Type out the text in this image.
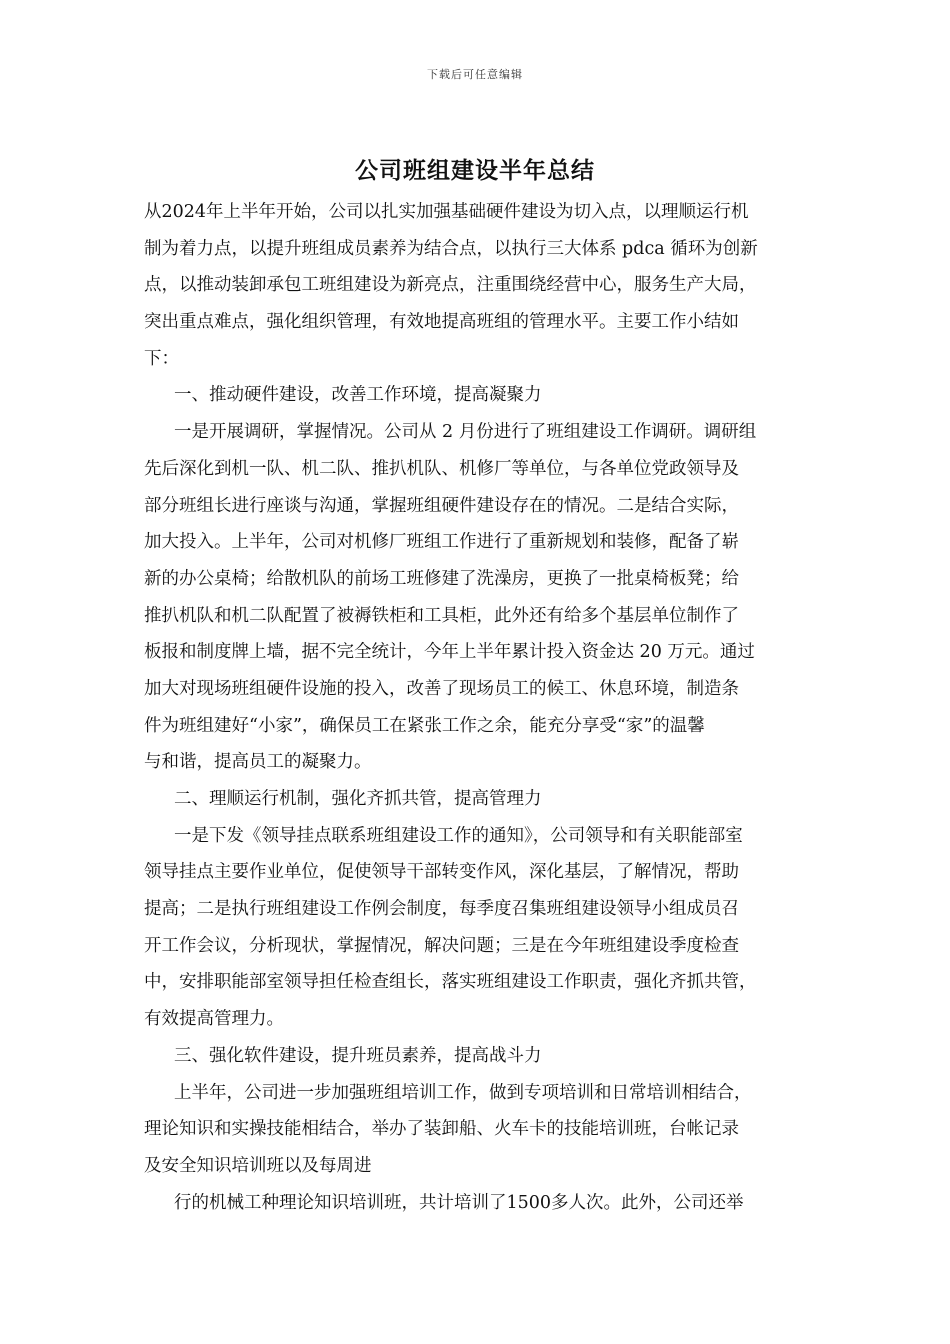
下载后可任意编辑
公司班组建设半年总结
从2024年上半年开始，公司以扎实加强基础硬件建设为切入点，以理顺运行机
制为着力点，以提升班组成员素养为结合点，以执行三大体系 pdca 循环为创新
点，以推动装卸承包工班组建设为新亮点，注重围绕经营中心，服务生产大局，
突出重点难点，强化组织管理，有效地提高班组的管理水平。主要工作小结如
下：
一、推动硬件建设，改善工作环境，提高凝聚力
一是开展调研，掌握情况。公司从 2 月份进行了班组建设工作调研。调研组
先后深化到机一队、机二队、推扒机队、机修厂等单位，与各单位党政领导及
部分班组长进行座谈与沟通，掌握班组硬件建设存在的情况。二是结合实际，
加大投入。上半年，公司对机修厂班组工作进行了重新规划和装修，配备了崭
新的办公桌椅；给散机队的前场工班修建了洗澡房，更换了一批桌椅板凳；给
推扒机队和机二队配置了被褥铁柜和工具柜，此外还有给多个基层单位制作了
板报和制度牌上墙，据不完全统计，今年上半年累计投入资金达 20 万元。通过
加大对现场班组硬件设施的投入，改善了现场员工的候工、休息环境，制造条
件为班组建好“小家”，确保员工在紧张工作之余，能充分享受“家”的温馨
与和谐，提高员工的凝聚力。
二、理顺运行机制，强化齐抓共管，提高管理力
一是下发《领导挂点联系班组建设工作的通知》，公司领导和有关职能部室
领导挂点主要作业单位，促使领导干部转变作风，深化基层，了解情况，帮助
提高；二是执行班组建设工作例会制度，每季度召集班组建设领导小组成员召
开工作会议，分析现状，掌握情况，解决问题；三是在今年班组建设季度检查
中，安排职能部室领导担任检查组长，落实班组建设工作职责，强化齐抓共管，
有效提高管理力。
三、强化软件建设，提升班员素养，提高战斗力
上半年，公司进一步加强班组培训工作，做到专项培训和日常培训相结合，
理论知识和实操技能相结合，举办了装卸船、火车卡的技能培训班，台帐记录
及安全知识培训班以及每周进
行的机械工种理论知识培训班，共计培训了1500多人次。此外，公司还举
